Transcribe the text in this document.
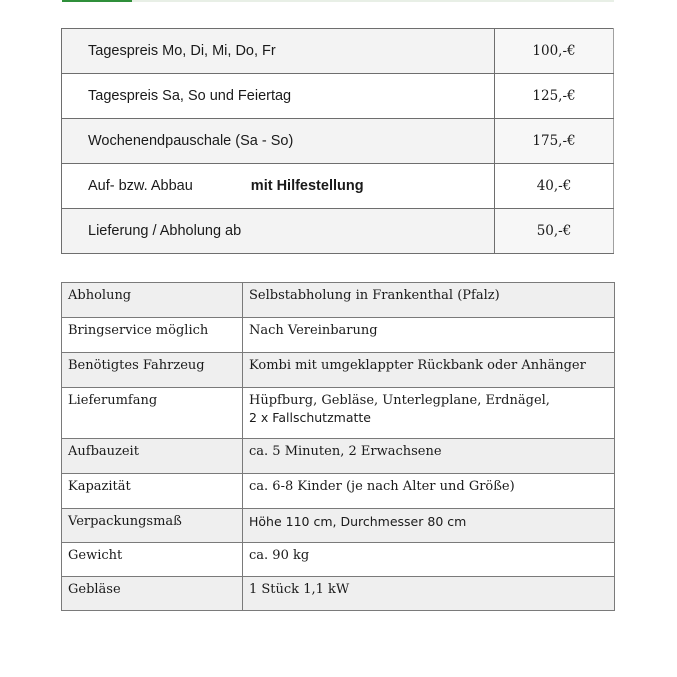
Tagespreis Mo, Di, Mi, Do, Fr	100,-€
Tagespreis Sa, So und Feiertag	125,-€
Wochenendpauschale (Sa - So)	175,-€
Auf- bzw. Abbau mit Hilfestellung	40,-€
Lieferung / Abholung ab	50,-€
Abholung	Selbstabholung in Frankenthal (Pfalz)
Bringservice möglich	Nach Vereinbarung
Benötigtes Fahrzeug	Kombi mit umgeklappter Rückbank oder Anhänger
Lieferumfang	Hüpfburg, Gebläse, Unterlegplane, Erdnägel,
2 x Fallschutzmatte

Aufbauzeit	ca. 5 Minuten, 2 Erwachsene
Kapazität	ca. 6-8 Kinder (je nach Alter und Größe)
Verpackungsmaß	Höhe 110 cm, Durchmesser 80 cm
Gewicht	ca. 90 kg
Gebläse	1 Stück 1,1 kW
